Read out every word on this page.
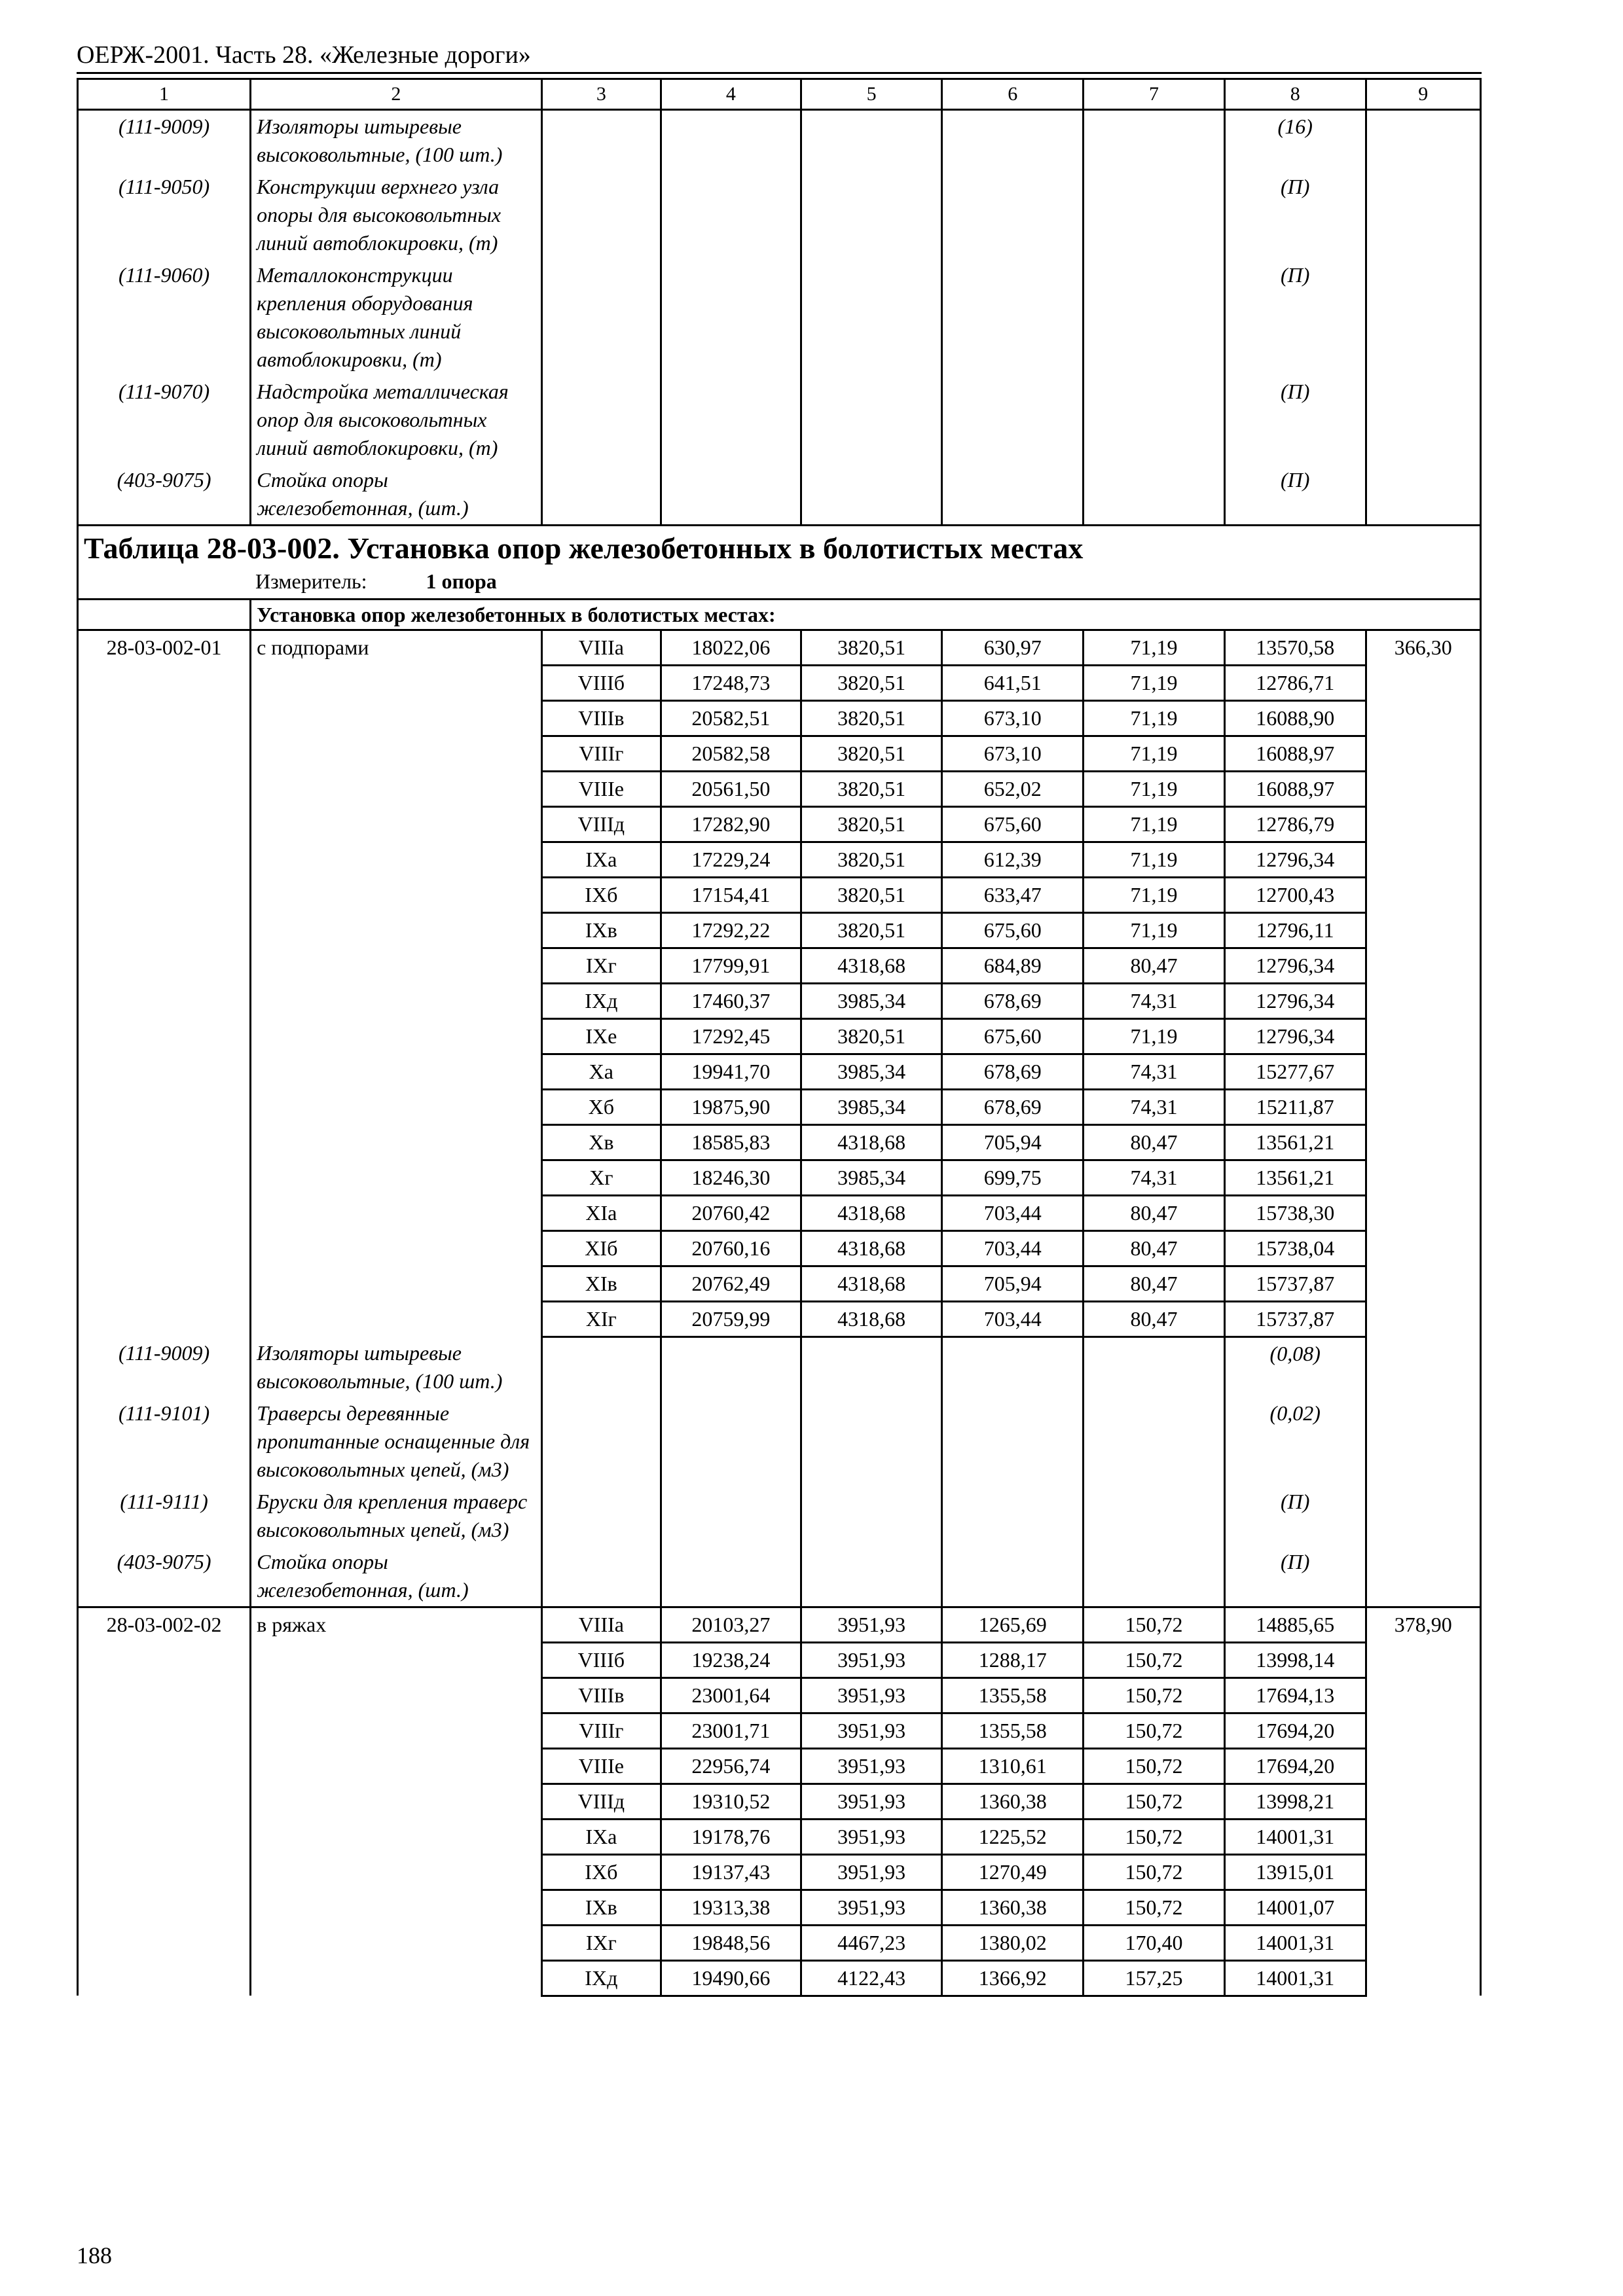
ОЕРЖ-2001. Часть 28. «Железные дороги»
1	2	3	4	5	6	7	8	9
(111-9009)	Изоляторы штыревые высоковольтные, (100 шт.)						(16)	
(111-9050)	Конструкции верхнего узла опоры для высоковольтных линий автоблокировки, (т)						(П)	
(111-9060)	Металлоконструкции крепления оборудования высоковольтных линий автоблокировки, (т)						(П)	
(111-9070)	Надстройка металлическая опор для высоковольтных линий автоблокировки, (т)						(П)	
(403-9075)	Стойка опоры железобетонная, (шт.)						(П)	

Таблица 28-03-002. Установка опор железобетонных в болотистых местах
Измеритель: 1 опора								

	Установка опор железобетонных в болотистых местах:							
28-03-002-01	с подпорами	VIIIа	18022,06	3820,51	630,97	71,19	13570,58	366,30
		VIIIб	17248,73	3820,51	641,51	71,19	12786,71	
		VIIIв	20582,51	3820,51	673,10	71,19	16088,90	
		VIIIг	20582,58	3820,51	673,10	71,19	16088,97	
		VIIIе	20561,50	3820,51	652,02	71,19	16088,97	
		VIIIд	17282,90	3820,51	675,60	71,19	12786,79	
		IXа	17229,24	3820,51	612,39	71,19	12796,34	
		IXб	17154,41	3820,51	633,47	71,19	12700,43	
		IXв	17292,22	3820,51	675,60	71,19	12796,11	
		IXг	17799,91	4318,68	684,89	80,47	12796,34	
		IXд	17460,37	3985,34	678,69	74,31	12796,34	
		IXе	17292,45	3820,51	675,60	71,19	12796,34	
		Xа	19941,70	3985,34	678,69	74,31	15277,67	
		Xб	19875,90	3985,34	678,69	74,31	15211,87	
		Xв	18585,83	4318,68	705,94	80,47	13561,21	
		Xг	18246,30	3985,34	699,75	74,31	13561,21	
		XIа	20760,42	4318,68	703,44	80,47	15738,30	
		XIб	20760,16	4318,68	703,44	80,47	15738,04	
		XIв	20762,49	4318,68	705,94	80,47	15737,87	
		XIг	20759,99	4318,68	703,44	80,47	15737,87	
(111-9009)	Изоляторы штыревые высоковольтные, (100 шт.)						(0,08)	
(111-9101)	Траверсы деревянные пропитанные оснащенные для высоковольтных цепей, (м3)						(0,02)	
(111-9111)	Бруски для крепления траверс высоковольтных цепей, (м3)						(П)	
(403-9075)	Стойка опоры железобетонная, (шт.)						(П)	
28-03-002-02	в ряжах	VIIIа	20103,27	3951,93	1265,69	150,72	14885,65	378,90
		VIIIб	19238,24	3951,93	1288,17	150,72	13998,14	
		VIIIв	23001,64	3951,93	1355,58	150,72	17694,13	
		VIIIг	23001,71	3951,93	1355,58	150,72	17694,20	
		VIIIе	22956,74	3951,93	1310,61	150,72	17694,20	
		VIIIд	19310,52	3951,93	1360,38	150,72	13998,21	
		IXа	19178,76	3951,93	1225,52	150,72	14001,31	
		IXб	19137,43	3951,93	1270,49	150,72	13915,01	
		IXв	19313,38	3951,93	1360,38	150,72	14001,07	
		IXг	19848,56	4467,23	1380,02	170,40	14001,31	
		IXд	19490,66	4122,43	1366,92	157,25	14001,31	
188
